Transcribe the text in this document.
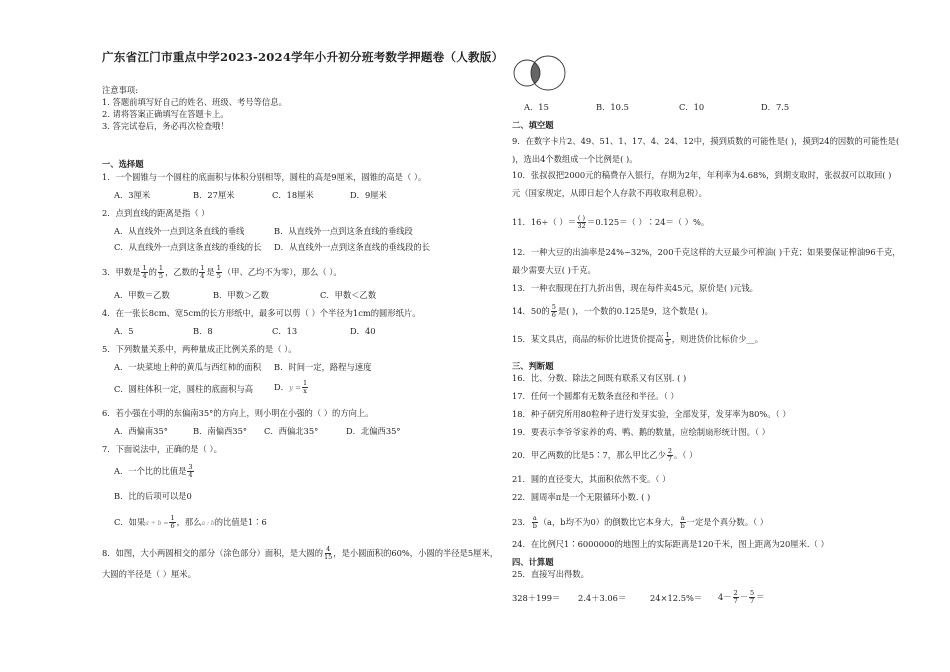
广东省江门市重点中学2023-2024学年小升初分班考数学押题卷（人教版）
注意事项:
1. 答题前填写好自己的姓名、班级、考号等信息。
2. 请将答案正确填写在答题卡上。
3. 答完试卷后，务必再次检查哦！
一、选择题
1．一个圆锥与一个圆柱的底面积与体积分别相等，圆柱的高是9厘米，圆锥的高是（ ）。
A．3厘米	B．27厘米	C．18厘米	D．9厘米
2．点到直线的距离是指（ ）
A．从直线外一点到这条直线的垂线	B．从直线外一点到这条直线的垂线段
C．从直线外一点到这条直线的垂线的长 D．从直线外一点到这条直线的垂线段的长
3．甲数是 $\frac{1}{4}$ 的 $\frac{1}{5}$ ，乙数的 $\frac{1}{4}$ 是 $\frac{1}{5}$ （甲、乙均不为零），那么（ ）。
A．甲数＝乙数	B．甲数＞乙数	C．甲数＜乙数
4．在一张长8cm、宽5cm的长方形纸中，最多可以剪（ ）个半径为1cm的圆形纸片。
A．5	B．8	C．13	D．40
5．下列数量关系中，两种量成正比例关系的是（ ）。
A．一块菜地上种的黄瓜与西红柿的面积 B．时间一定，路程与速度
C．圆柱体积一定，圆柱的底面积与高	D．$y = \frac{1}{x}$
6．若小强在小明的东偏南35°的方向上，则小明在小强的（ ）的方向上。
A．西偏南35°	B．南偏西35° C．西偏北35°	D．北偏西35°
7．下面说法中，正确的是（ ）。
A．一个比的比值是 $\frac{3}{4}$
B．比的后项可以是0
C．如果$a \div b = \frac{1}{6}$ ，那么a : b的比值是1∶6
8．如图，大小两圆相交的部分（涂色部分）面积，是大圆的 $\frac{4}{15}$ ，是小圆面积的60%，小圆的半径是5厘米，
大圆的半径是（ ）厘米。
A．15	B．10.5	C．10	D．7.5
二、填空题
9．在数字卡片2、49、51、1、17、4、24、12中，摸到质数的可能性是( )，摸到24的因数的可能性是( )，选出4个数组成一个比例是( )。
10．张叔叔把2000元的稿费存入银行，存期为2年，年利率为4.68%，到期支取时，张叔叔可以取回( )
元（国家规定，从即日起个人存款不再收取利息税）。
11．16÷（ ）＝ $\frac{( )}{32} =0.125=$（ ）∶24＝（ ）%。
12．一种大豆的出油率是24%~32%，200千克这样的大豆最少可榨油( )千克；如果要保证榨油96千克，
最少需要大豆( )千克。
13．一种衣服现在打九折出售，现在每件卖45元，原价是( )元钱。
14．50的 $\frac{5}{6}$ 是( )，一个数的0.125是9，这个数是( )。
15．某文具店，商品的标价比进货价提高 $\frac{1}{5}$ ，则进货价比标价少__。
三、判断题
16．比、分数、除法之间既有联系又有区别. ( )
17．任何一个圆都有无数条直径和半径。（ ）
18．种子研究所用80粒种子进行发芽实验，全部发芽，发芽率为80%。（ ）
19．要表示李爷爷家养的鸡、鸭、鹅的数量，应绘制扇形统计图。（ ）
20．甲乙两数的比是5∶7，那么甲比乙少 $\frac{2}{7}$ 。（ ）
21．圆的直径变大，其面积依然不变。（ ）
22．圆周率π是一个无限循环小数. ( )
23． $\frac{a}{b} (a$，b均不为0）的倒数比它本身大， $\frac{a}{b}$ 一定是个真分数。（ ）
24．在比例尺1∶6000000的地图上的实际距离是120千米，图上距离为20厘米.（ ）
四、计算题
25．直接写出得数。
328＋199＝ 2.4＋3.06＝	$24\times 12.5\%= 4- \frac{2}{7} - \frac{5}{7}$ ＝
